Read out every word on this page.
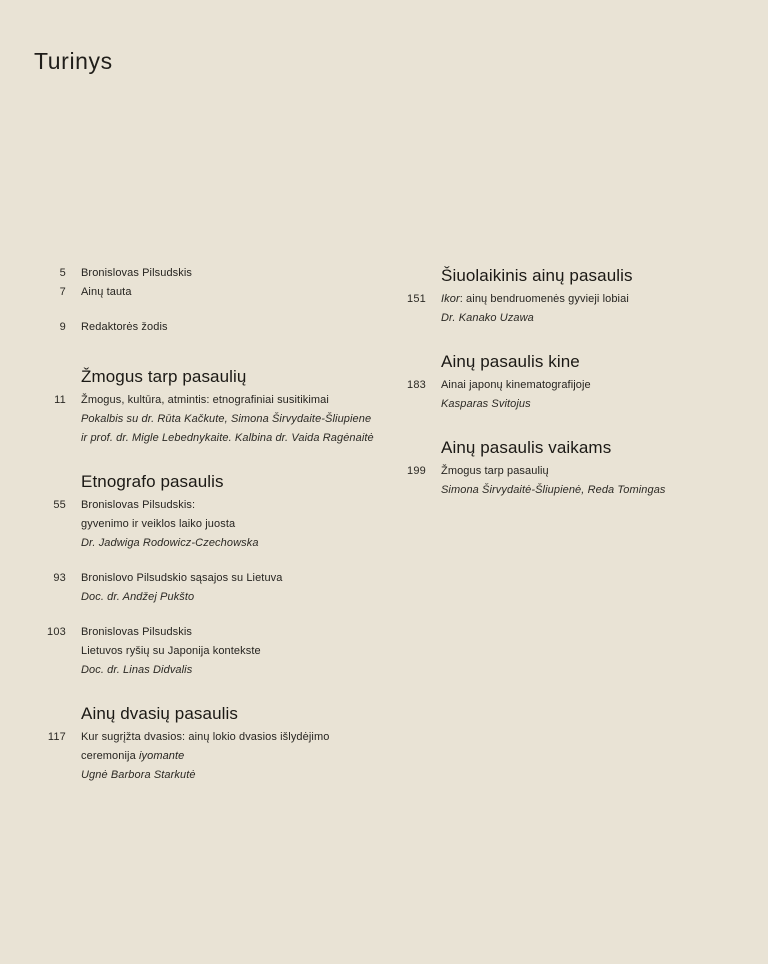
Turinys
5 Bronislovas Pilsudskis
7 Ainų tauta
9 Redaktorės žodis
Žmogus tarp pasaulių
11 Žmogus, kultūra, atmintis: etnografiniai susitikimai
Pokalbis su dr. Rūta Kačkute, Simona Širvydaite-Šliupiene
ir prof. dr. Migle Lebednykaite. Kalbina dr. Vaida Ragėnaitė
Etnografo pasaulis
55 Bronislovas Pilsudskis:
gyvenimo ir veiklos laiko juosta
Dr. Jadwiga Rodowicz-Czechowska
93 Bronislovo Pilsudskio sąsajos su Lietuva
Doc. dr. Andžej Pukšto
103 Bronislovas Pilsudskis
Lietuvos ryšių su Japonija kontekste
Doc. dr. Linas Didvalis
Ainų dvasių pasaulis
117 Kur sugrįžta dvasios: ainų lokio dvasios išlydėjimo
ceremonija iyomante
Ugnė Barbora Starkutė
Šiuolaikinis ainų pasaulis
151 Ikor: ainų bendruomenės gyvieji lobiai
Dr. Kanako Uzawa
Ainų pasaulis kine
183 Ainai japonų kinematografijoje
Kasparas Svitojus
Ainų pasaulis vaikams
199 Žmogus tarp pasaulių
Simona Širvydaitė-Šliupienė, Reda Tomingas
